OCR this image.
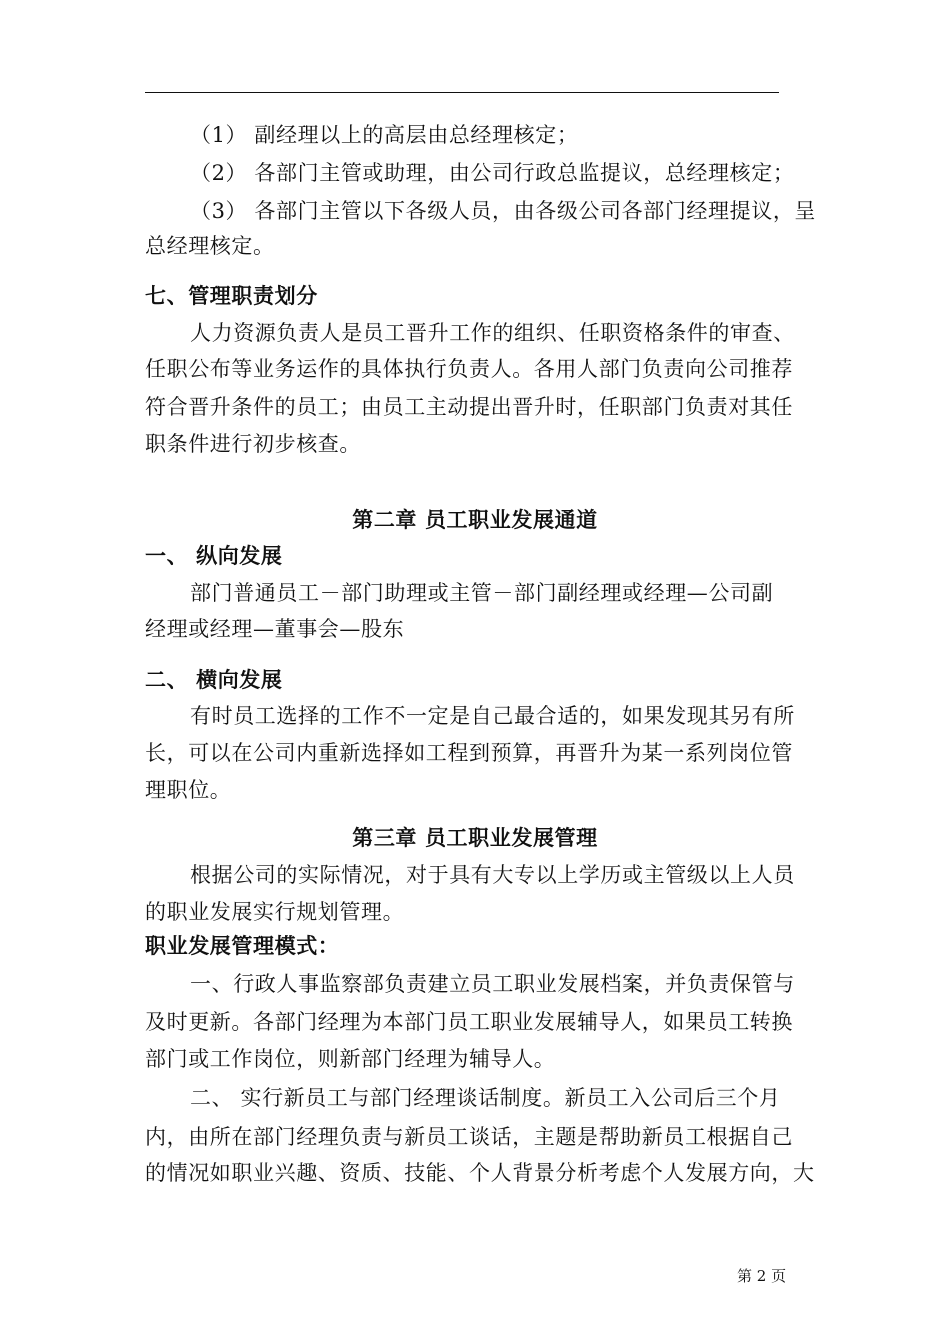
（1） 副经理以上的高层由总经理核定；
（2） 各部门主管或助理，由公司行政总监提议，总经理核定；
（3） 各部门主管以下各级人员，由各级公司各部门经理提议，呈
总经理核定。
七、管理职责划分
人力资源负责人是员工晋升工作的组织、任职资格条件的审查、
任职公布等业务运作的具体执行负责人。各用人部门负责向公司推荐
符合晋升条件的员工；由员工主动提出晋升时，任职部门负责对其任
职条件进行初步核查。
第二章 员工职业发展通道
一、 纵向发展
部门普通员工－部门助理或主管－部门副经理或经理—公司副
经理或经理—董事会—股东
二、 横向发展
有时员工选择的工作不一定是自己最合适的，如果发现其另有所
长，可以在公司内重新选择如工程到预算，再晋升为某一系列岗位管
理职位。
第三章 员工职业发展管理
根据公司的实际情况，对于具有大专以上学历或主管级以上人员
的职业发展实行规划管理。
职业发展管理模式：
一、行政人事监察部负责建立员工职业发展档案，并负责保管与
及时更新。各部门经理为本部门员工职业发展辅导人，如果员工转换
部门或工作岗位，则新部门经理为辅导人。
二、 实行新员工与部门经理谈话制度。新员工入公司后三个月
内，由所在部门经理负责与新员工谈话，主题是帮助新员工根据自己
的情况如职业兴趣、资质、技能、个人背景分析考虑个人发展方向，大
第 2 页
